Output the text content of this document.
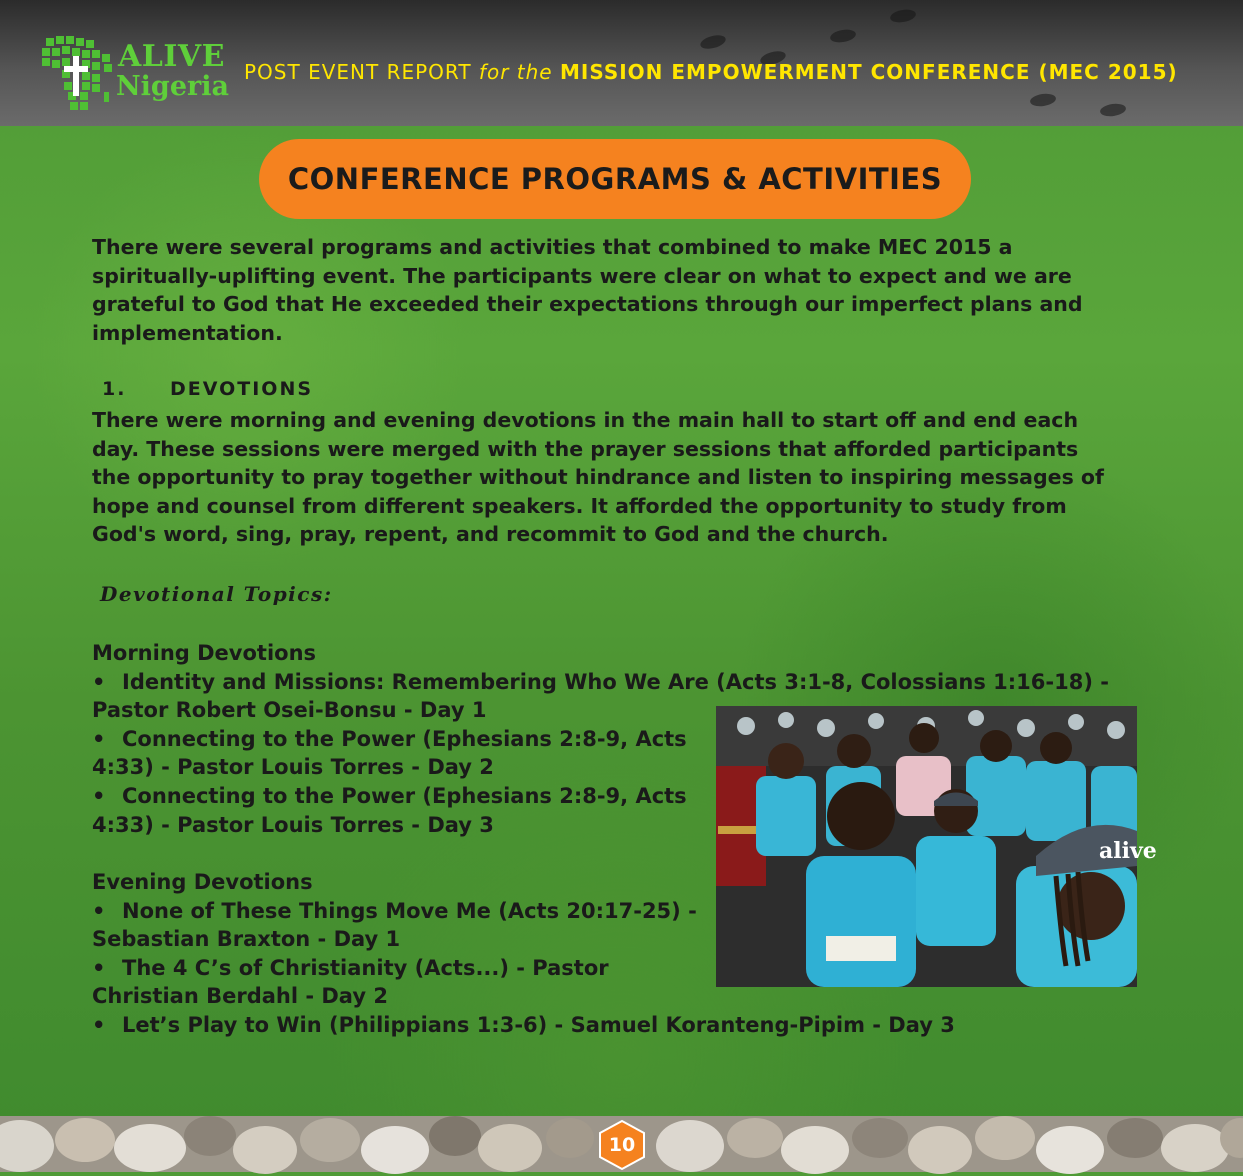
ALIVE
Nigeria POST EVENT REPORT for the MISSION EMPOWERMENT CONFERENCE (MEC 2015)
CONFERENCE PROGRAMS & ACTIVITIES
There were several programs and activities that combined to make MEC 2015 a
spiritually-uplifting event. The participants were clear on what to expect and we are
grateful to God that He exceeded their expectations through our imperfect plans and
implementation.
1. DEVOTIONS
There were morning and evening devotions in the main hall to start off and end each
day. These sessions were merged with the prayer sessions that afforded participants
the opportunity to pray together without hindrance and listen to inspiring messages of
hope and counsel from different speakers. It afforded the opportunity to study from
God's word, sing, pray, repent, and recommit to God and the church.
Devotional Topics:
Morning Devotions
• Identity and Missions: Remembering Who We Are (Acts 3:1-8, Colossians 1:16-18) -
Pastor Robert Osei-Bonsu - Day 1
• Connecting to the Power (Ephesians 2:8-9, Acts
4:33) - Pastor Louis Torres - Day 2
• Connecting to the Power (Ephesians 2:8-9, Acts
4:33) - Pastor Louis Torres - Day 3
Evening Devotions
• None of These Things Move Me (Acts 20:17-25) -
Sebastian Braxton - Day 1
• The 4 C’s of Christianity (Acts...) - Pastor
Christian Berdahl - Day 2
• Let’s Play to Win (Philippians 1:3-6) - Samuel Koranteng-Pipim - Day 3
alive
10
